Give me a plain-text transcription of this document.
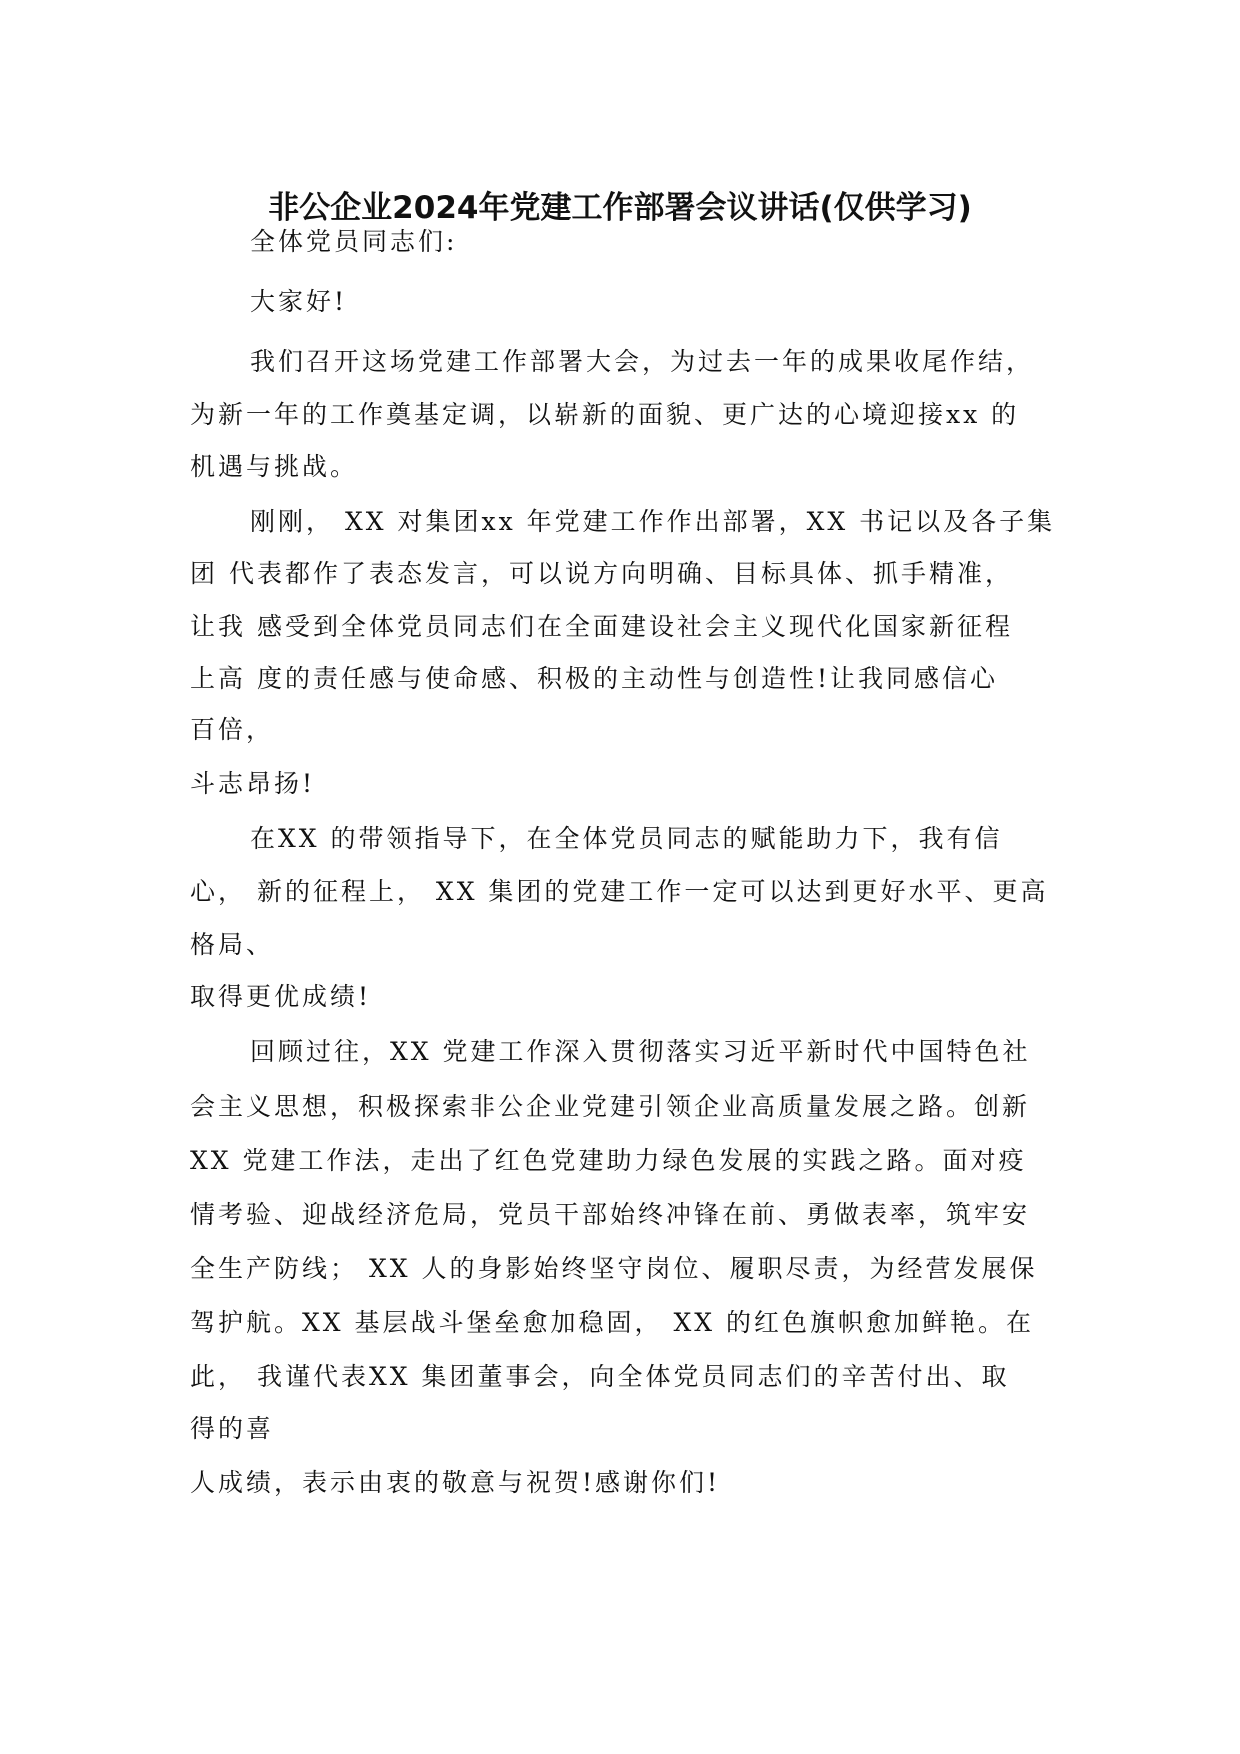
非公企业2024年党建工作部署会议讲话(仅供学习)

全体党员同志们:

大家好!

我们召开这场党建工作部署大会，为过去一年的成果收尾作结，

为新一年的工作奠基定调，以崭新的面貌、更广达的心境迎接xx 的

机遇与挑战。

刚刚， XX 对集团xx 年党建工作作出部署，XX 书记以及各子集

团 代表都作了表态发言，可以说方向明确、目标具体、抓手精准，

让我 感受到全体党员同志们在全面建设社会主义现代化国家新征程

上高 度的责任感与使命感、积极的主动性与创造性!让我同感信心

百倍，

斗志昂扬!

在XX 的带领指导下，在全体党员同志的赋能助力下，我有信

心， 新的征程上， XX 集团的党建工作一定可以达到更好水平、更高

格局、

取得更优成绩!

回顾过往，XX 党建工作深入贯彻落实习近平新时代中国特色社

会主义思想，积极探索非公企业党建引领企业高质量发展之路。创新

XX 党建工作法，走出了红色党建助力绿色发展的实践之路。面对疫

情考验、迎战经济危局，党员干部始终冲锋在前、勇做表率，筑牢安

全生产防线； XX 人的身影始终坚守岗位、履职尽责，为经营发展保

驾护航。XX 基层战斗堡垒愈加稳固， XX 的红色旗帜愈加鲜艳。在

此， 我谨代表XX 集团董事会，向全体党员同志们的辛苦付出、取

得的喜

人成绩，表示由衷的敬意与祝贺!感谢你们!
